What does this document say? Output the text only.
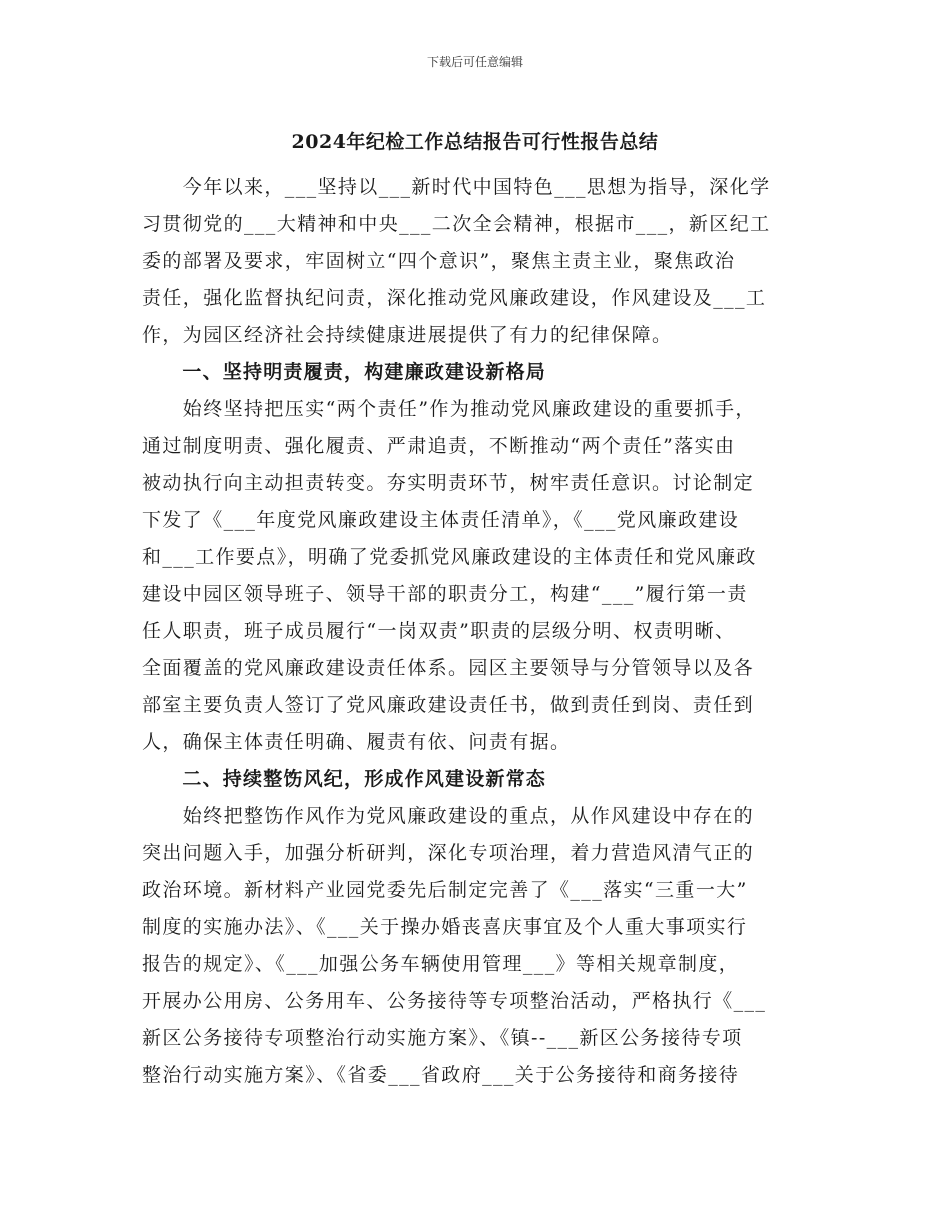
下载后可任意编辑
2024年纪检工作总结报告可行性报告总结
　　今年以来，___坚持以___新时代中国特色___思想为指导，深化学
习贯彻党的___大精神和中央___二次全会精神，根据市___，新区纪工
委的部署及要求，牢固树立“四个意识”，聚焦主责主业，聚焦政治
责任，强化监督执纪问责，深化推动党风廉政建设，作风建设及___工
作，为园区经济社会持续健康进展提供了有力的纪律保障。
　　一、坚持明责履责，构建廉政建设新格局
　　始终坚持把压实“两个责任”作为推动党风廉政建设的重要抓手，
通过制度明责、强化履责、严肃追责，不断推动“两个责任”落实由
被动执行向主动担责转变。夯实明责环节，树牢责任意识。讨论制定
下发了《___年度党风廉政建设主体责任清单》，《___党风廉政建设
和___工作要点》，明确了党委抓党风廉政建设的主体责任和党风廉政
建设中园区领导班子、领导干部的职责分工，构建“___”履行第一责
任人职责，班子成员履行“一岗双责”职责的层级分明、权责明晰、
全面覆盖的党风廉政建设责任体系。园区主要领导与分管领导以及各
部室主要负责人签订了党风廉政建设责任书，做到责任到岗、责任到
人，确保主体责任明确、履责有依、问责有据。
　　二、持续整饬风纪，形成作风建设新常态
　　始终把整饬作风作为党风廉政建设的重点，从作风建设中存在的
突出问题入手，加强分析研判，深化专项治理，着力营造风清气正的
政治环境。新材料产业园党委先后制定完善了《___落实“三重一大”
制度的实施办法》、《___关于操办婚丧喜庆事宜及个人重大事项实行
报告的规定》、《___加强公务车辆使用管理___》等相关规章制度，
开展办公用房、公务用车、公务接待等专项整治活动，严格执行《___
新区公务接待专项整治行动实施方案》、《镇--___新区公务接待专项
整治行动实施方案》、《省委___省政府___关于公务接待和商务接待
